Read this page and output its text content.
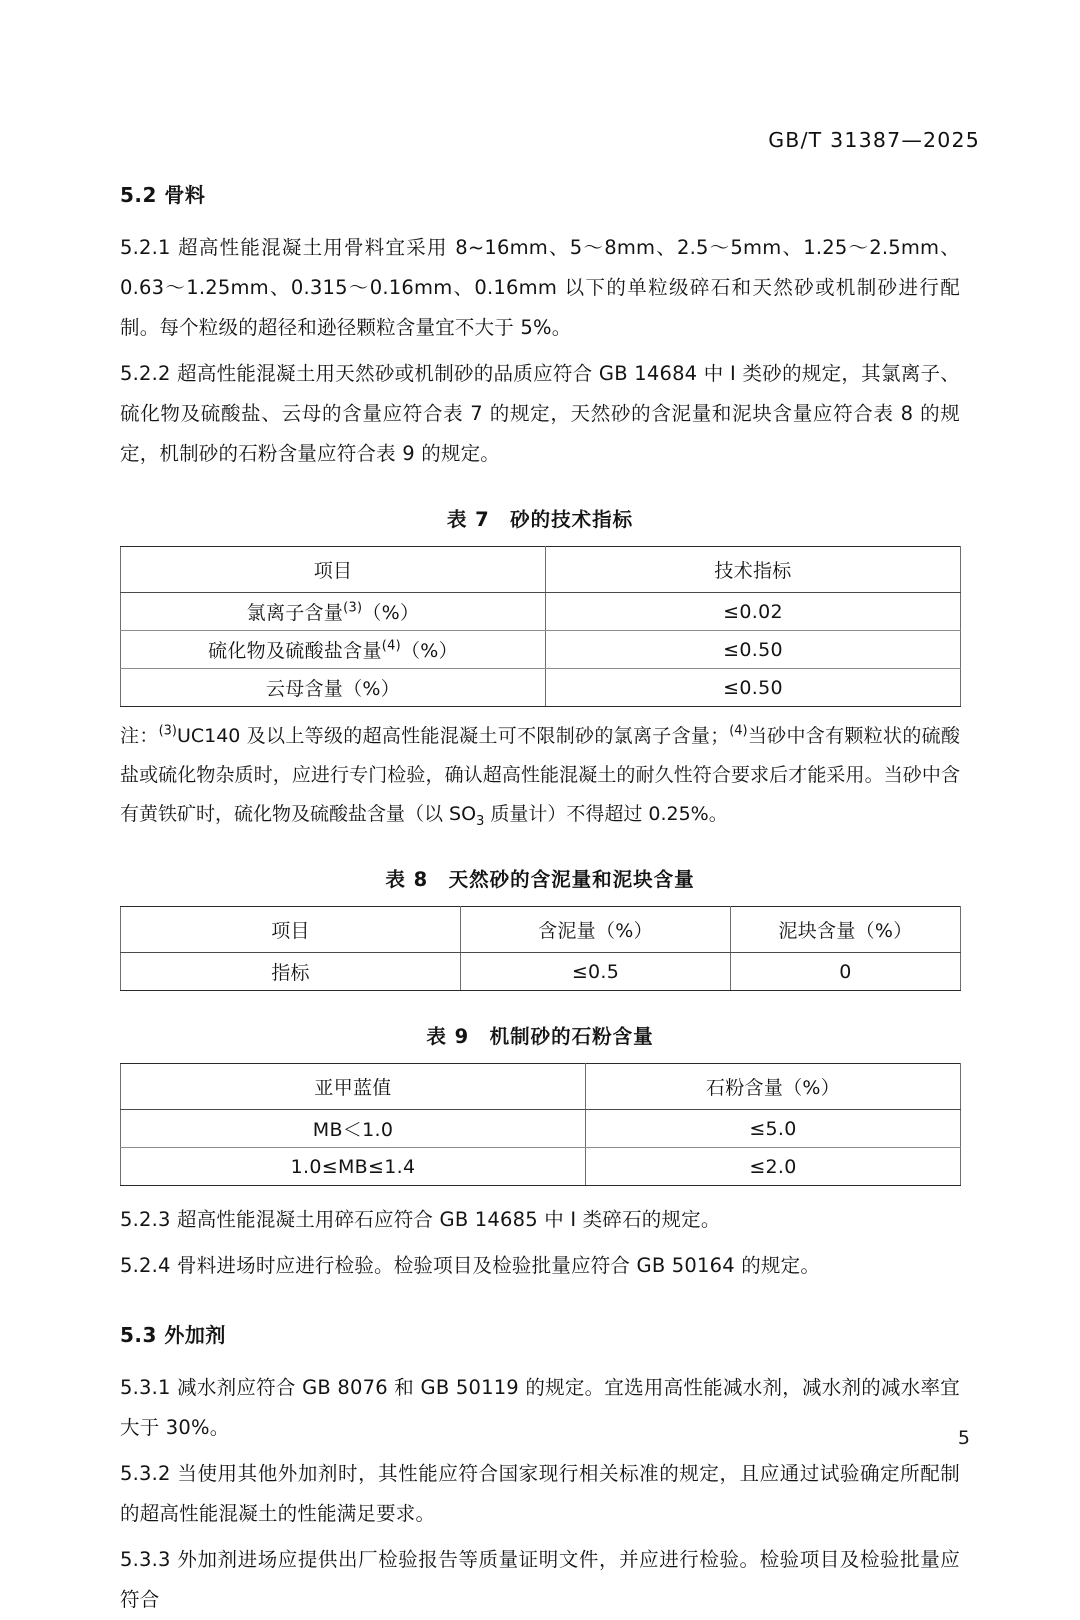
GB/T 31387—2025
5.2 骨料

5.2.1 超高性能混凝土用骨料宜采用 8~16mm、5～8mm、2.5～5mm、1.25～2.5mm、0.63～1.25mm、0.315～0.16mm、0.16mm 以下的单粒级碎石和天然砂或机制砂进行配制。每个粒级的超径和逊径颗粒含量宜不大于 5%。

5.2.2 超高性能混凝土用天然砂或机制砂的品质应符合 GB 14684 中 Ⅰ 类砂的规定，其氯离子、硫化物及硫酸盐、云母的含量应符合表 7 的规定，天然砂的含泥量和泥块含量应符合表 8 的规定，机制砂的石粉含量应符合表 9 的规定。

表 7　砂的技术指标
项目	技术指标
氯离子含量$^{(3)}$（%）	≤0.02
硫化物及硫酸盐含量$^{(4)}$（%）	≤0.50
云母含量（%）	≤0.50

注：$^{(3)}$UC140 及以上等级的超高性能混凝土可不限制砂的氯离子含量；$^{(4)}$当砂中含有颗粒状的硫酸盐或硫化物杂质时，应进行专门检验，确认超高性能混凝土的耐久性符合要求后才能采用。当砂中含有黄铁矿时，硫化物及硫酸盐含量（以 $SO_3$ 质量计）不得超过 0.25%。

表 8　天然砂的含泥量和泥块含量
项目	含泥量（%）	泥块含量（%）
指标	≤0.5	0
表 9　机制砂的石粉含量
亚甲蓝值	石粉含量（%）
MB＜1.0	≤5.0
1.0≤MB≤1.4	≤2.0

5.2.3 超高性能混凝土用碎石应符合 GB 14685 中 I 类碎石的规定。

5.2.4 骨料进场时应进行检验。检验项目及检验批量应符合 GB 50164 的规定。

5.3 外加剂

5.3.1 减水剂应符合 GB 8076 和 GB 50119 的规定。宜选用高性能减水剂，减水剂的减水率宜大于 30%。

5.3.2 当使用其他外加剂时，其性能应符合国家现行相关标准的规定，且应通过试验确定所配制的超高性能混凝土的性能满足要求。

5.3.3 外加剂进场应提供出厂检验报告等质量证明文件，并应进行检验。检验项目及检验批量应符合

5
